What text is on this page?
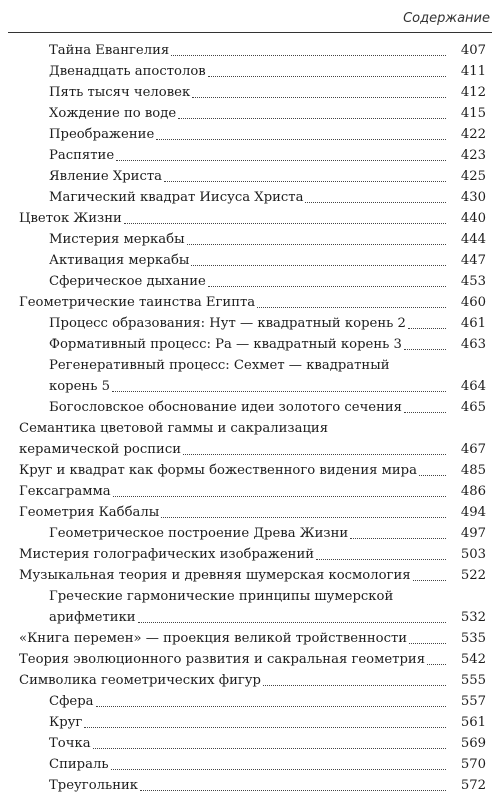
Содержание
Тайна Евангелия	407
Двенадцать апостолов	411
Пять тысяч человек	412
Хождение по воде	415
Преображение	422
Распятие	423
Явление Христа	425
Магический квадрат Иисуса Христа	430
Цветок Жизни	440
Мистерия меркабы	444
Активация меркабы	447
Сферическое дыхание	453
Геометрические таинства Египта	460
Процесс образования: Нут — квадратный корень 2	461
Формативный процесс: Ра — квадратный корень 3	463
Регенеративный процесс: Сехмет — квадратный
корень 5	464
Богословское обоснование идеи золотого сечения	465
Семантика цветовой гаммы и сакрализация
керамической росписи	467
Круг и квадрат как формы божественного видения мира	485
Гексаграмма	486
Геометрия Каббалы	494
Геометрическое построение Древа Жизни	497
Мистерия голографических изображений	503
Музыкальная теория и древняя шумерская космология	522
Греческие гармонические принципы шумерской
арифметики	532
«Книга перемен» — проекция великой тройственности	535
Теория эволюционного развития и сакральная геометрия	542
Символика геометрических фигур	555
Сфера	557
Круг	561
Точка	569
Спираль	570
Треугольник	572
